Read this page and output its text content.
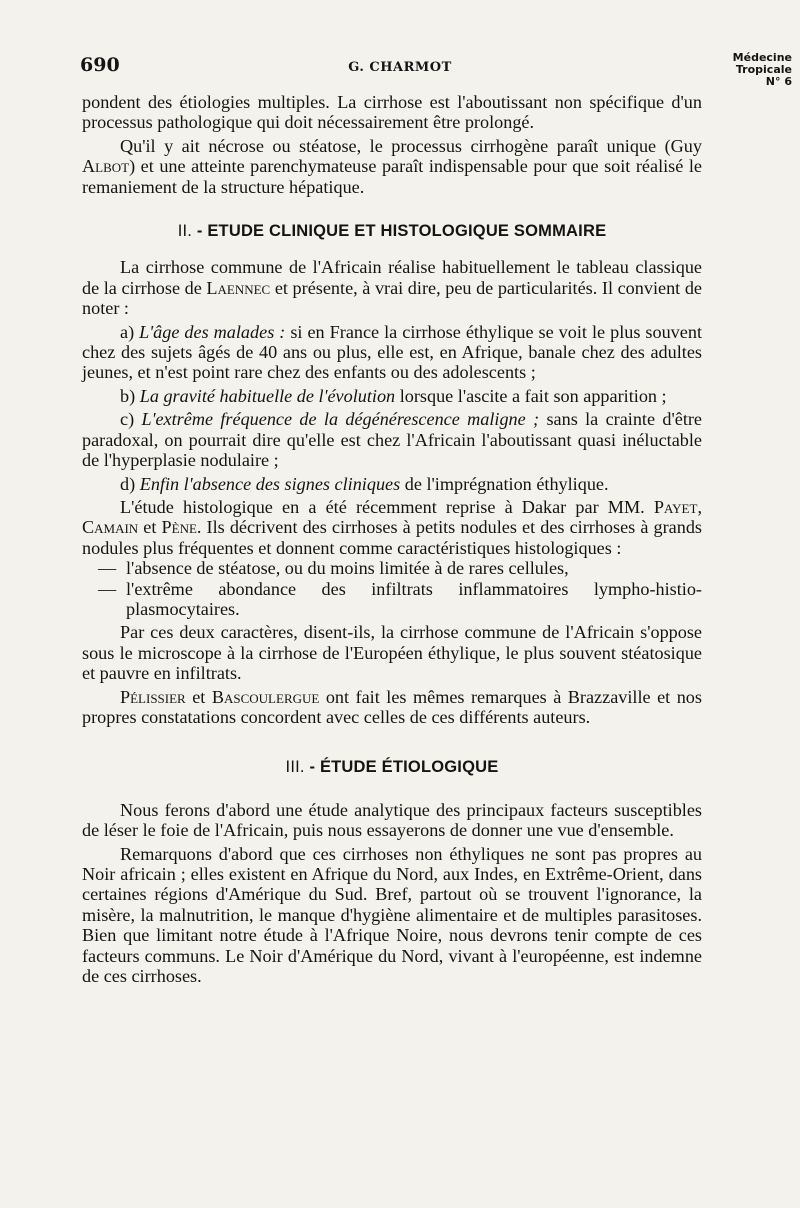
690	G. CHARMOT
Médecine
Tropicale
N° 6

pondent des étiologies multiples. La cirrhose est l'aboutissant non spécifique d'un processus pathologique qui doit nécessairement être prolongé.

Qu'il y ait nécrose ou stéatose, le processus cirrhogène paraît unique (Guy Albot) et une atteinte parenchymateuse paraît indispensable pour que soit réalisé le remaniement de la structure hépatique.

II. - ETUDE CLINIQUE ET HISTOLOGIQUE SOMMAIRE

La cirrhose commune de l'Africain réalise habituellement le tableau classique de la cirrhose de Laennec et présente, à vrai dire, peu de particularités. Il convient de noter :

a) L'âge des malades : si en France la cirrhose éthylique se voit le plus souvent chez des sujets âgés de 40 ans ou plus, elle est, en Afrique, banale chez des adultes jeunes, et n'est point rare chez des enfants ou des adolescents ;

b) La gravité habituelle de l'évolution lorsque l'ascite a fait son apparition ;

c) L'extrême fréquence de la dégénérescence maligne ; sans la crainte d'être paradoxal, on pourrait dire qu'elle est chez l'Africain l'aboutissant quasi inéluctable de l'hyperplasie nodulaire ;

d) Enfin l'absence des signes cliniques de l'imprégnation éthylique.

L'étude histologique en a été récemment reprise à Dakar par MM. Payet, Camain et Pène. Ils décrivent des cirrhoses à petits nodules et des cirrhoses à grands nodules plus fréquentes et donnent comme caractéristiques histologiques :

— l'absence de stéatose, ou du moins limitée à de rares cellules,

— l'extrême abondance des infiltrats inflammatoires lympho-histio-plasmocytaires.

Par ces deux caractères, disent-ils, la cirrhose commune de l'Africain s'oppose sous le microscope à la cirrhose de l'Européen éthylique, le plus souvent stéatosique et pauvre en infiltrats.

Pélissier et Bascoulergue ont fait les mêmes remarques à Brazzaville et nos propres constatations concordent avec celles de ces différents auteurs.

III. - ÉTUDE ÉTIOLOGIQUE

Nous ferons d'abord une étude analytique des principaux facteurs susceptibles de léser le foie de l'Africain, puis nous essayerons de donner une vue d'ensemble.

Remarquons d'abord que ces cirrhoses non éthyliques ne sont pas propres au Noir africain ; elles existent en Afrique du Nord, aux Indes, en Extrême-Orient, dans certaines régions d'Amérique du Sud. Bref, partout où se trouvent l'ignorance, la misère, la malnutrition, le manque d'hygiène alimentaire et de multiples parasitoses. Bien que limitant notre étude à l'Afrique Noire, nous devrons tenir compte de ces facteurs communs. Le Noir d'Amérique du Nord, vivant à l'européenne, est indemne de ces cirrhoses.
